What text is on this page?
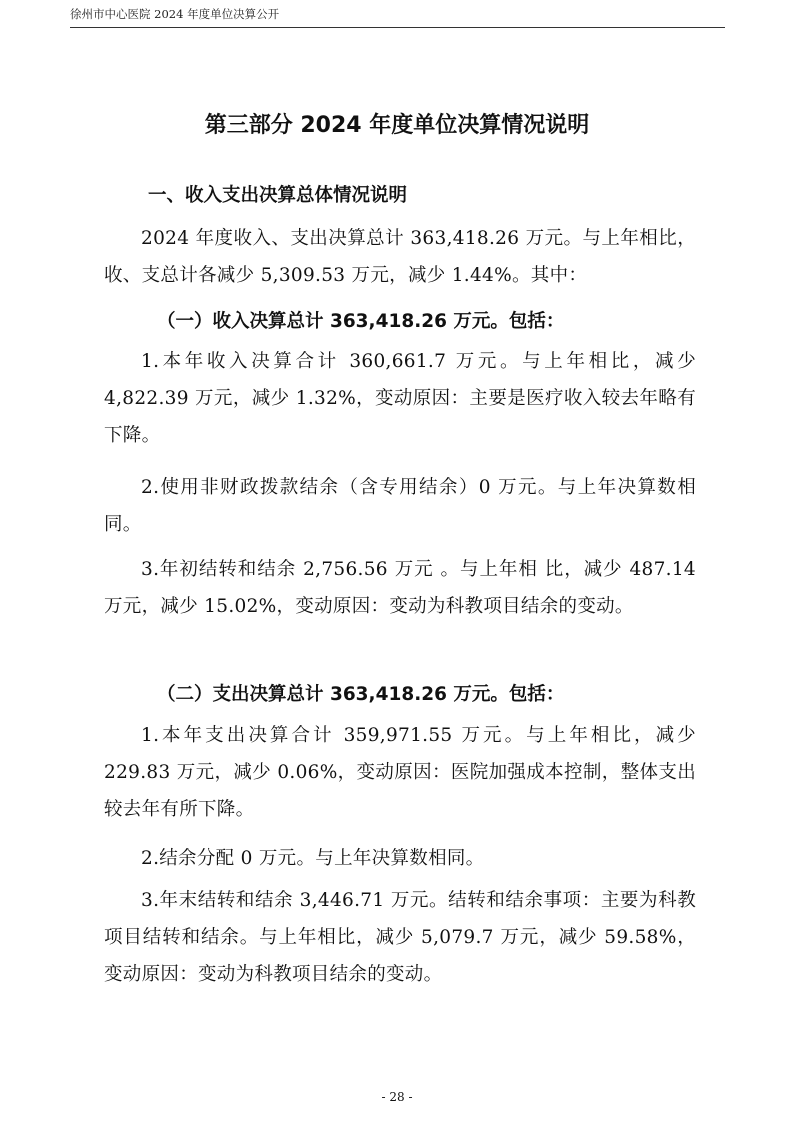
徐州市中心医院 2024 年度单位决算公开
第三部分 2024 年度单位决算情况说明
一、收入支出决算总体情况说明
2024 年度收入、支出决算总计 363,418.26 万元。与上年相比，收、支总计各减少 5,309.53 万元，减少 1.44%。其中：
（一）收入决算总计 363,418.26 万元。包括：
1.本年收入决算合计 360,661.7 万元。与上年相比，减少 4,822.39 万元，减少 1.32%，变动原因：主要是医疗收入较去年略有下降。
2.使用非财政拨款结余（含专用结余）0 万元。与上年决算数相同。
3.年初结转和结余 2,756.56 万元 。与上年相 比，减少 487.14 万元，减少 15.02%，变动原因：变动为科教项目结余的变动。
（二）支出决算总计 363,418.26 万元。包括：
1.本年支出决算合计 359,971.55 万元。与上年相比，减少 229.83 万元，减少 0.06%，变动原因：医院加强成本控制，整体支出较去年有所下降。
2.结余分配 0 万元。与上年决算数相同。
3.年末结转和结余 3,446.71 万元。结转和结余事项：主要为科教项目结转和结余。与上年相比，减少 5,079.7 万元，减少 59.58%，变动原因：变动为科教项目结余的变动。
- 28 -
